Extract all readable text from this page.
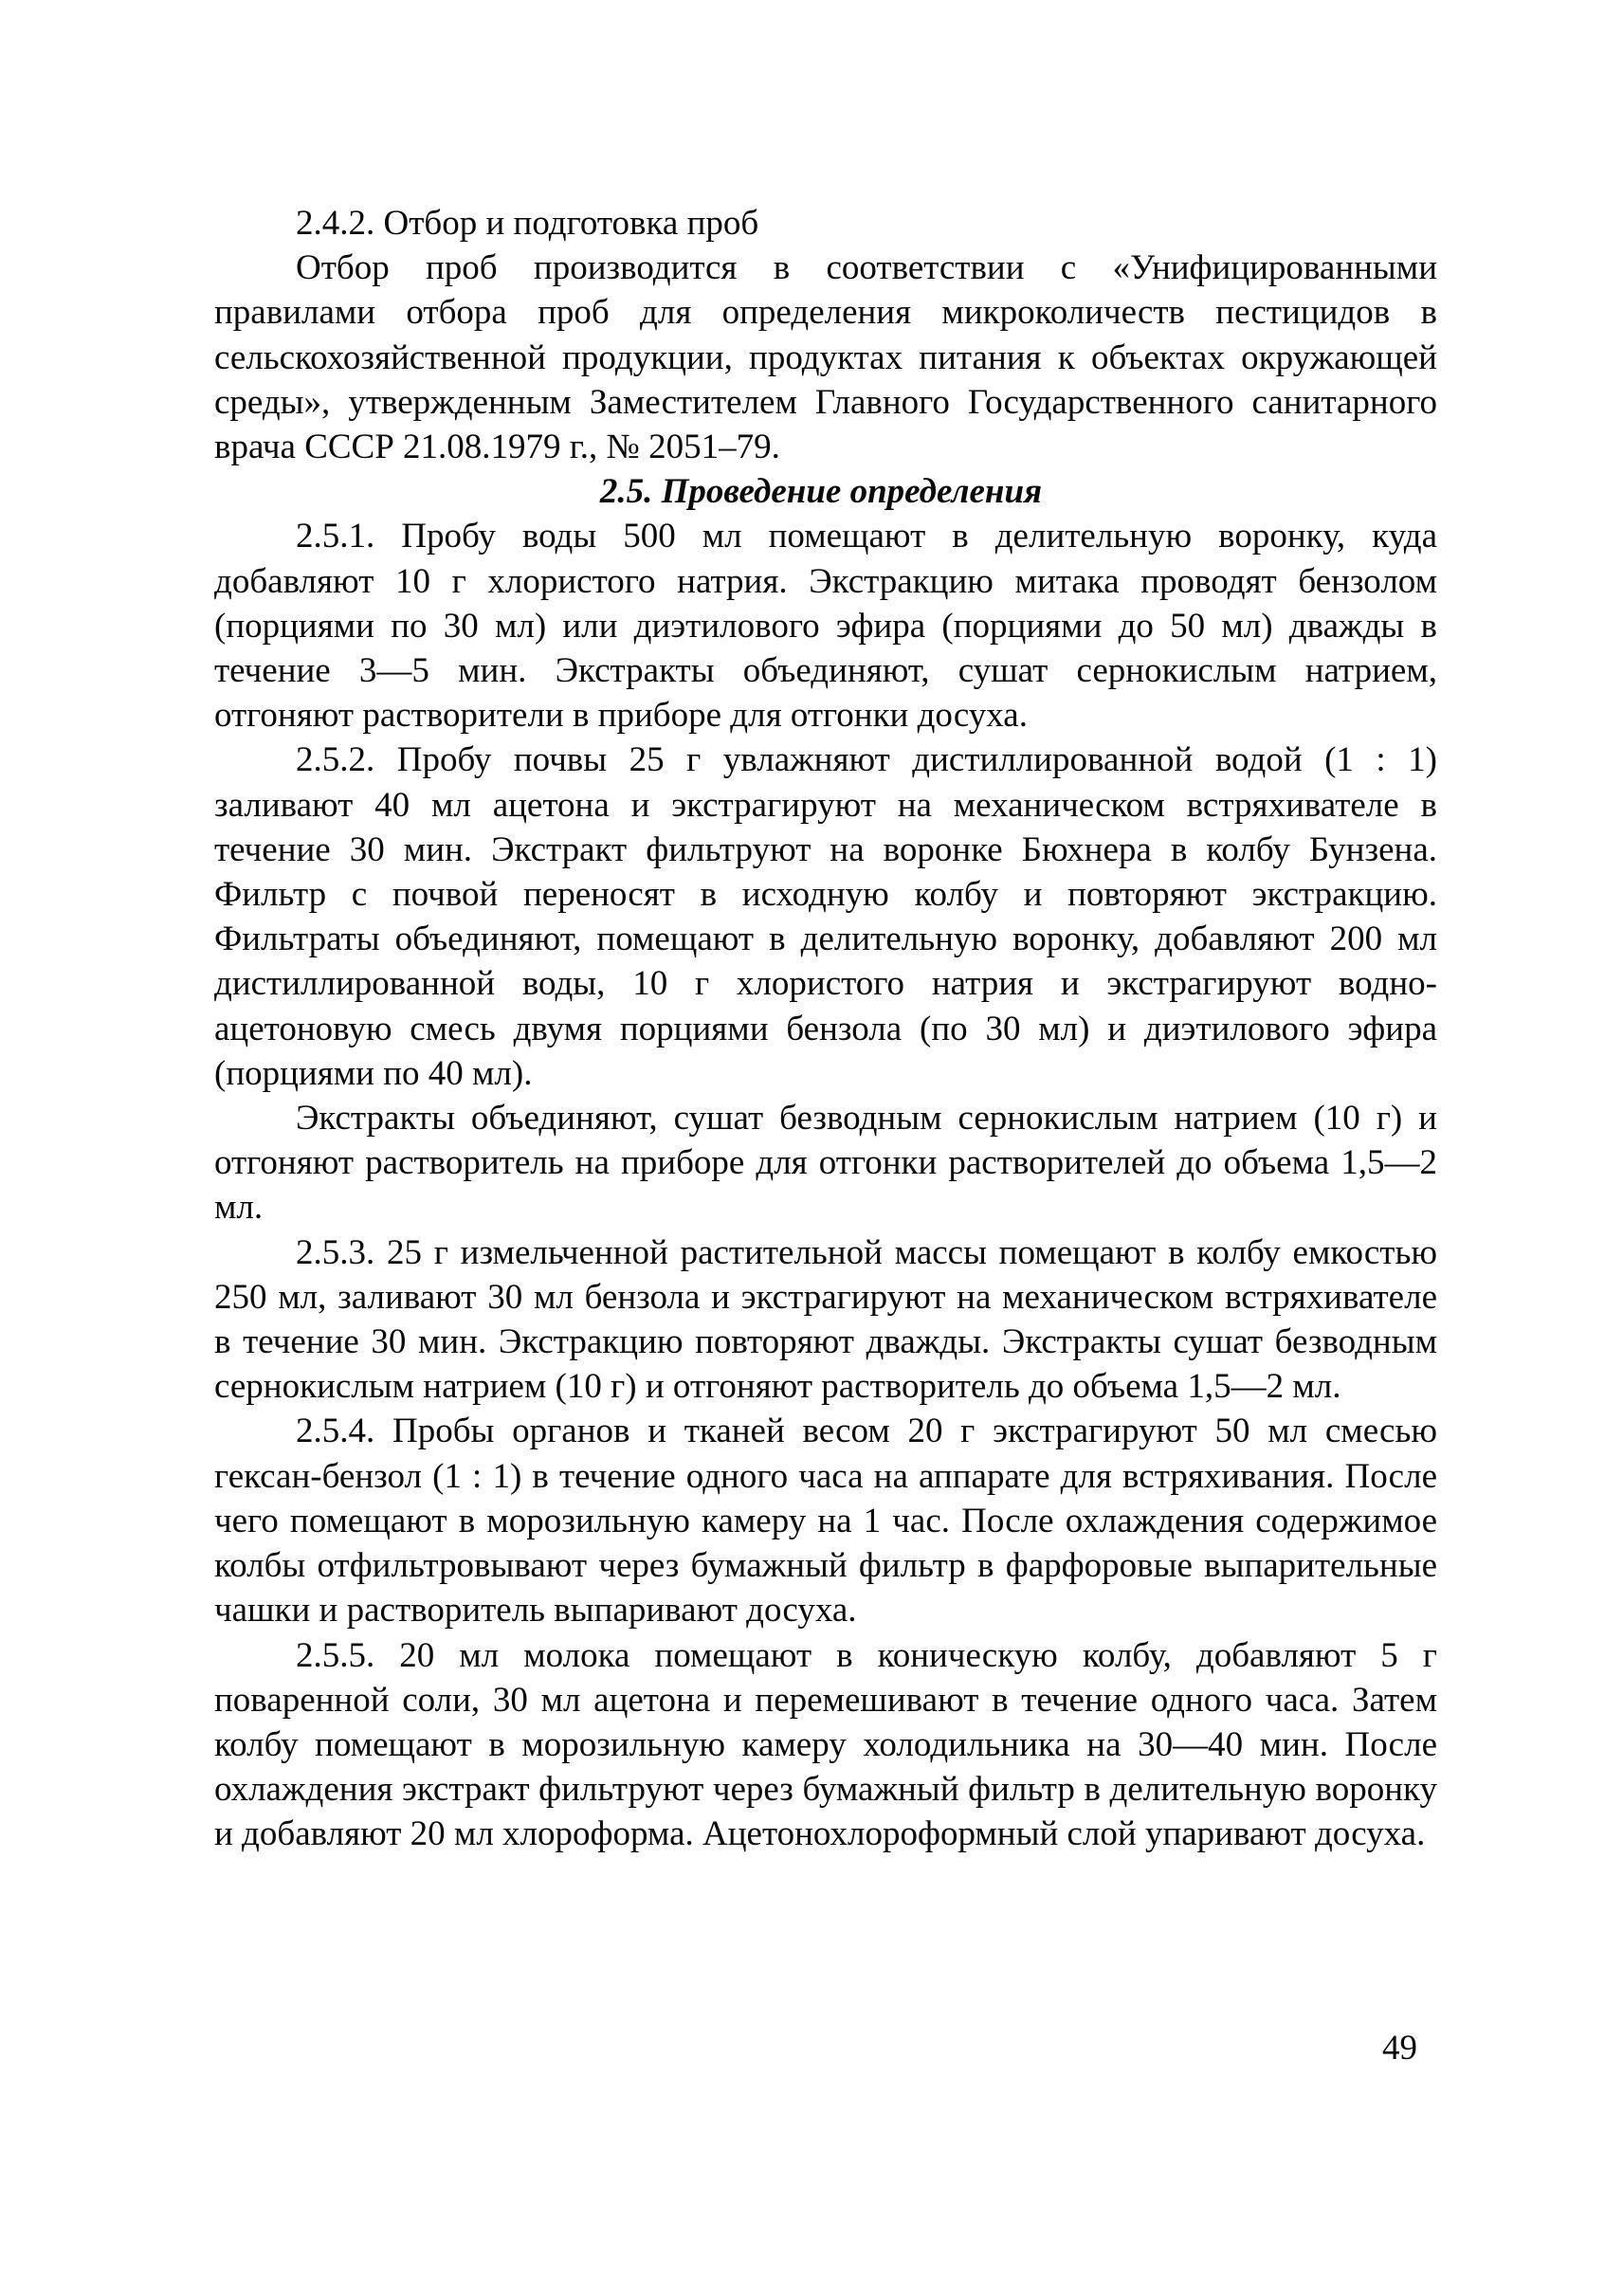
2.4.2. Отбор и подготовка проб

Отбор проб производится в соответствии с «Унифицированными правилами отбора проб для определения микроколичеств пестицидов в сельскохозяйственной продукции, продуктах питания к объектах окружающей среды», утвержденным Заместителем Главного Государственного санитарного врача СССР 21.08.1979 г., № 2051–79.

2.5. Проведение определения

2.5.1. Пробу воды 500 мл помещают в делительную воронку, куда добавляют 10 г хлористого натрия. Экстракцию митака проводят бензолом (порциями по 30 мл) или диэтилового эфира (порциями до 50 мл) дважды в течение 3—5 мин. Экстракты объединяют, сушат сернокислым натрием, отгоняют растворители в приборе для отгонки досуха.

2.5.2. Пробу почвы 25 г увлажняют дистиллированной водой (1 : 1) заливают 40 мл ацетона и экстрагируют на механическом встряхивателе в течение 30 мин. Экстракт фильтруют на воронке Бюхнера в колбу Бунзена. Фильтр с почвой переносят в исходную колбу и повторяют экстракцию. Фильтраты объединяют, помещают в делительную воронку, добавляют 200 мл дистиллированной воды, 10 г хлористого натрия и экстрагируют водно-ацетоновую смесь двумя порциями бензола (по 30 мл) и диэтилового эфира (порциями по 40 мл).

Экстракты объединяют, сушат безводным сернокислым натрием (10 г) и отгоняют растворитель на приборе для отгонки растворителей до объема 1,5—2 мл.

2.5.3. 25 г измельченной растительной массы помещают в колбу емкостью 250 мл, заливают 30 мл бензола и экстрагируют на механическом встряхивателе в течение 30 мин. Экстракцию повторяют дважды. Экстракты сушат безводным сернокислым натрием (10 г) и отгоняют растворитель до объема 1,5—2 мл.

2.5.4. Пробы органов и тканей весом 20 г экстрагируют 50 мл смесью гексан-бензол (1 : 1) в течение одного часа на аппарате для встряхивания. После чего помещают в морозильную камеру на 1 час. После охлаждения содержимое колбы отфильтровывают через бумажный фильтр в фарфоровые выпарительные чашки и растворитель выпаривают досуха.

2.5.5. 20 мл молока помещают в коническую колбу, добавляют 5 г поваренной соли, 30 мл ацетона и перемешивают в течение одного часа. Затем колбу помещают в морозильную камеру холодильника на 30—40 мин. После охлаждения экстракт фильтруют через бумажный фильтр в делительную воронку и добавляют 20 мл хлороформа. Ацетонохлороформный слой упаривают досуха.

49
